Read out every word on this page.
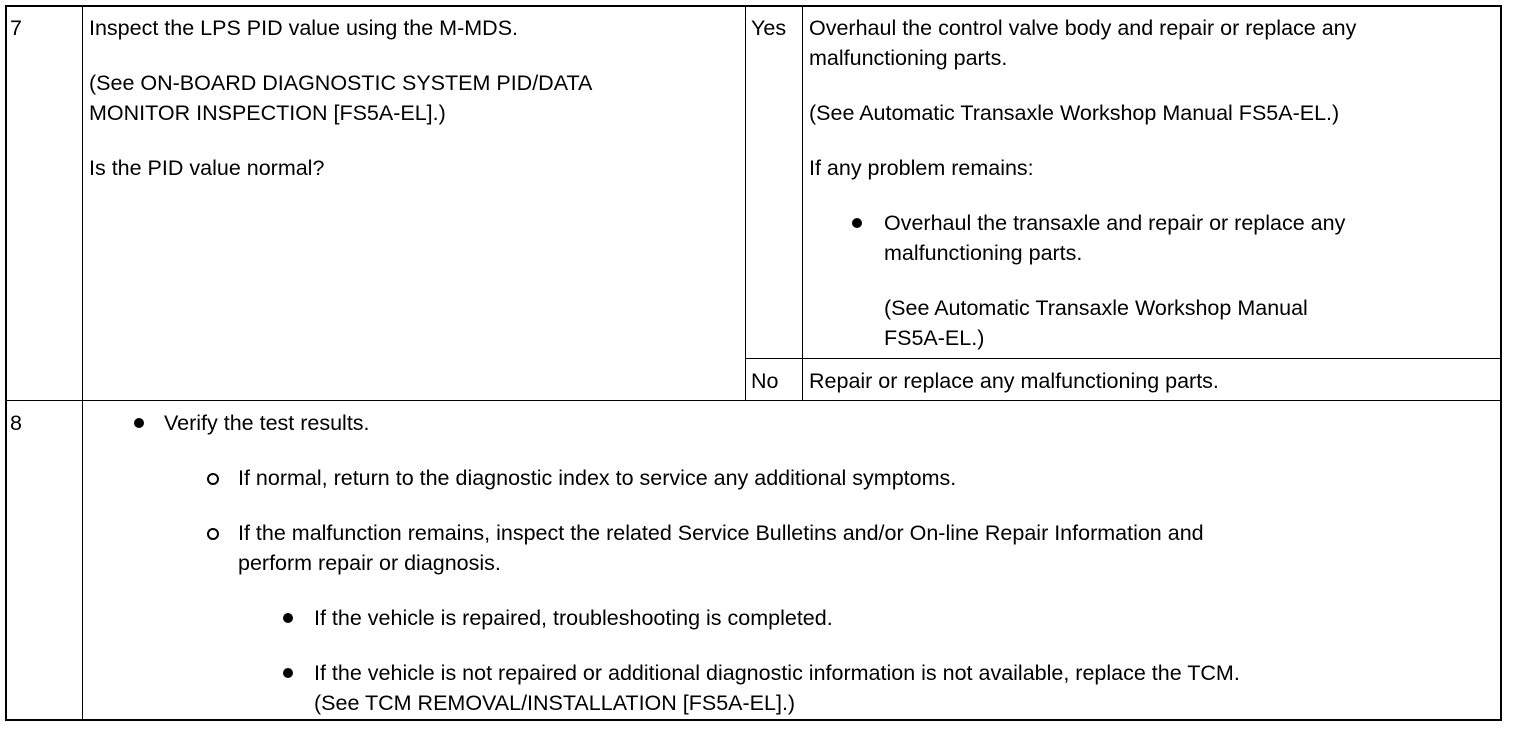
7	Inspect the LPS PID value using the M-MDS.
(See ON-BOARD DIAGNOSTIC SYSTEM PID/DATA
MONITOR INSPECTION [FS5A-EL].)
Is the PID value normal?
Yes Overhaul the control valve body and repair or replace any
malfunctioning parts.
(See Automatic Transaxle Workshop Manual FS5A-EL.)
If any problem remains:
Overhaul the transaxle and repair or replace any
malfunctioning parts.
(See Automatic Transaxle Workshop Manual
FS5A-EL.)
No Repair or replace any malfunctioning parts.
8	Verify the test results.
If normal, return to the diagnostic index to service any additional symptoms.
If the malfunction remains, inspect the related Service Bulletins and/or On-line Repair Information and
perform repair or diagnosis.
If the vehicle is repaired, troubleshooting is completed.
If the vehicle is not repaired or additional diagnostic information is not available, replace the TCM.
(See TCM REMOVAL/INSTALLATION [FS5A-EL].)
